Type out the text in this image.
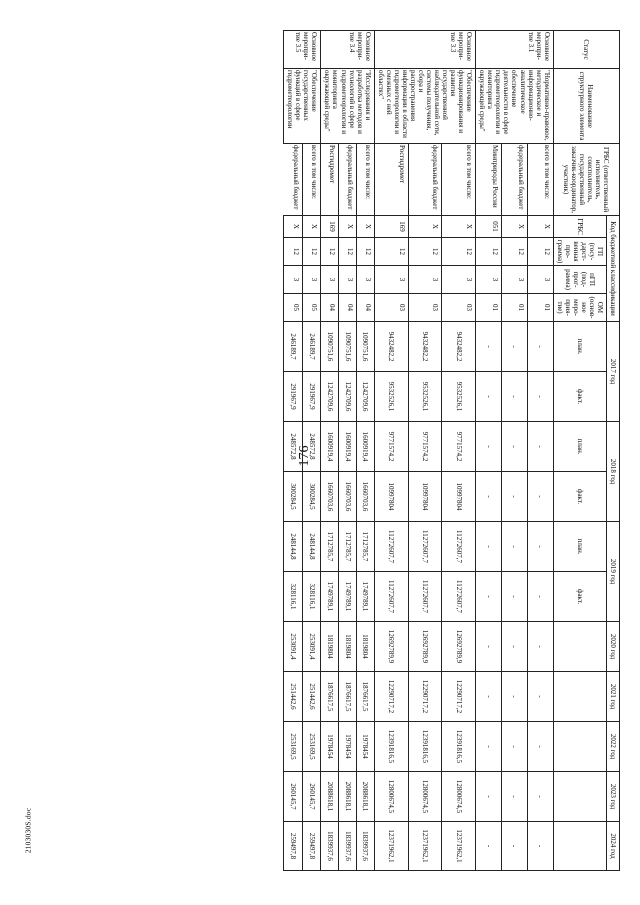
176
2103030S.doc
Статус	Наименование структурного элемента	ГРБС (ответственный исполнитель, соисполнитель, государственный заказчик-координатор, участник)	Код бюджетной классификации				2017 год		2018 год		2019 год		2020 год	2021 год	2022 год	2023 год	2024 год
			ГРБС	ГП (госу-дарст-венная про-грамма)	пГП (под-прог-рамма)	ОМ (основ-ное меро-прия-тие)	план.	факт.	план.	факт.	план.	факт.					

Основное меропри-тие 3.1	"Нормативно-правовое, методическое и информационно-аналитическое обеспечение деятельности в сфере гидрометеорологии и мониторинга окружающей среды"	всего в том числе:	X	12	3	01	-	-	-	-	-	-	-	-	-	-	-
		федеральный бюджет	X	12	3	01	-	-	-	-	-	-	-	-	-	-	-
		Минприроды России	051	12	3	01	-	-	-	-	-	-	-	-	-	-	-
Основное меропри-тие 3.3	"Обеспечение функционирования и развития государственной наблюдательной сети, системы получения, сбора и распространения информации в области гидрометеорологии и смежных с ней областях"	всего в том числе:	X	12	3	03	9432482,2	9532526,1	9771574,2	10997804	11272607,7	11272607,7	12692789,9	12290717,2	12391816,5	12800674,5	12371962,1
		федеральный бюджет	X	12	3	03	9432482,2	9532526,1	9771574,2	10997804	11272607,7	11272607,7	12692789,9	12290717,2	12391816,5	12800674,5	12371962,1
		Росгидромет	169	12	3	03	9432482,2	9532526,1	9771574,2	10997804	11272607,7	11272607,7	12692789,9	12290717,2	12391816,5	12800674,5	12371962,1
Основное меропри-тие 3.4	"Исследования и разработка методов и технологий в сфере гидрометеорологии и мониторинга окружающей среды"	всего в том числе:	X	12	3	04	1090751,6	1242709,6	1600919,4	1660703,6	1712785,7	1749789,1	1819804	1876617,5	1978454	2088618,1	1839937,6
		федеральный бюджет	X	12	3	04	1090751,6	1242709,6	1600919,4	1660703,6	1712785,7	1749789,1	1819804	1876617,5	1978454	2088618,1	1839937,6
		Росгидромет	169	12	3	04	1090751,6	1242709,6	1600919,4	1660703,6	1712785,7	1749789,1	1819804	1876617,5	1978454	2088618,1	1839937,6
Основное меропри-тие 3.5	"Обеспечение государственных функций в сфере гидрометеорологии	всего в том числе:	X	12	3	05	246189,7	291967,9	248572,8	300284,5	248144,8	328116,1	253091,4	251442,6	253169,5	260145,7	259497,8
		федеральный бюджет	X	12	3	05	246189,7	291967,9	248572,8	300284,5	248144,8	328116,1	253091,4	251442,6	253169,5	260145,7	259497,8
